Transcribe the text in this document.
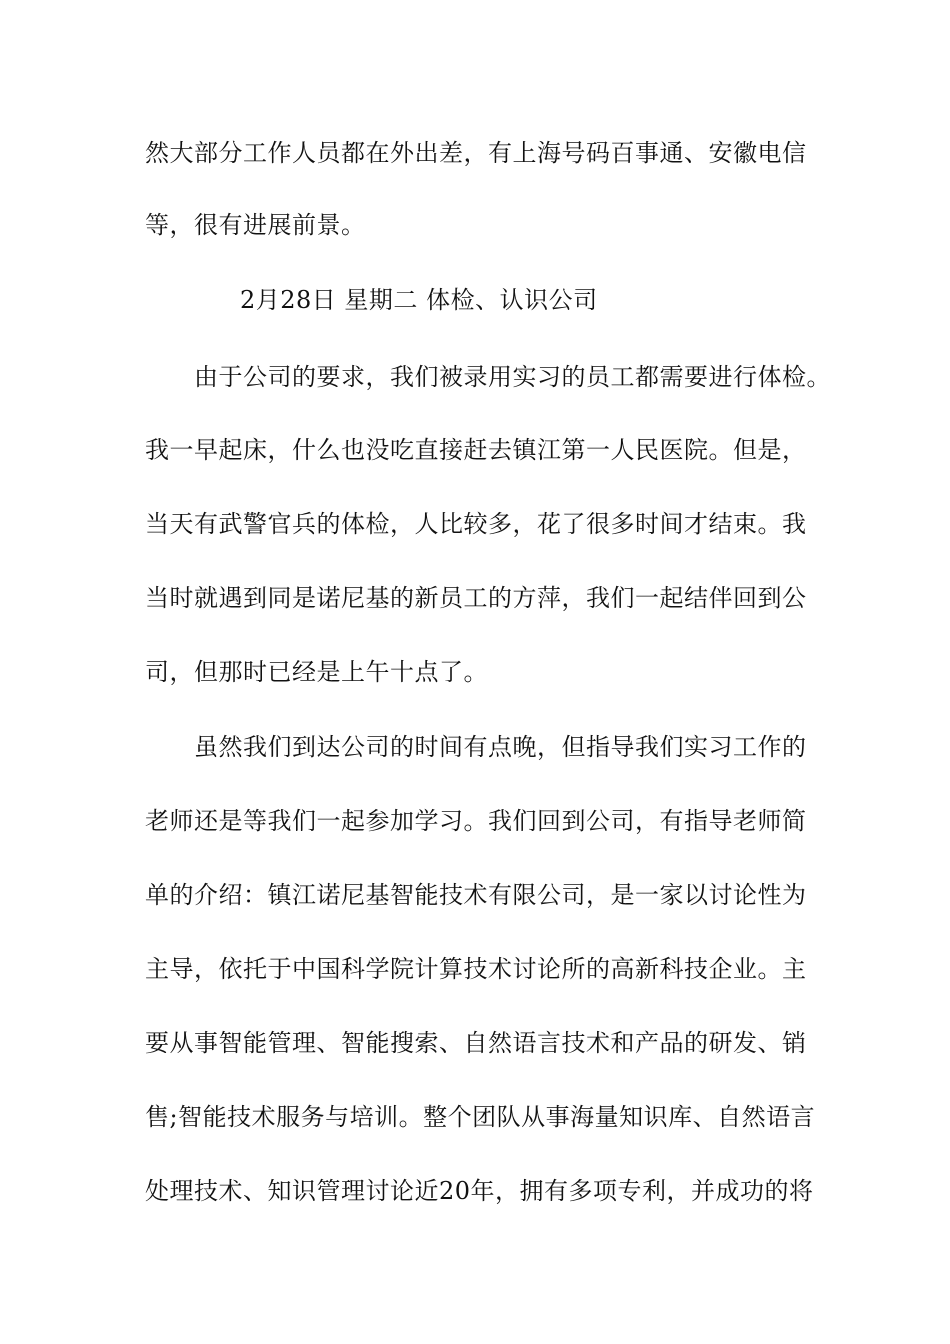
然大部分工作人员都在外出差，有上海号码百事通、安徽电信
等，很有进展前景。
2月28日 星期二 体检、认识公司
由于公司的要求，我们被录用实习的员工都需要进行体检。
我一早起床，什么也没吃直接赶去镇江第一人民医院。但是，
当天有武警官兵的体检，人比较多，花了很多时间才结束。我
当时就遇到同是诺尼基的新员工的方萍，我们一起结伴回到公
司，但那时已经是上午十点了。
虽然我们到达公司的时间有点晚，但指导我们实习工作的
老师还是等我们一起参加学习。我们回到公司，有指导老师简
单的介绍：镇江诺尼基智能技术有限公司，是一家以讨论性为
主导，依托于中国科学院计算技术讨论所的高新科技企业。主
要从事智能管理、智能搜索、自然语言技术和产品的研发、销
售;智能技术服务与培训。整个团队从事海量知识库、自然语言
处理技术、知识管理讨论近20年，拥有多项专利，并成功的将
